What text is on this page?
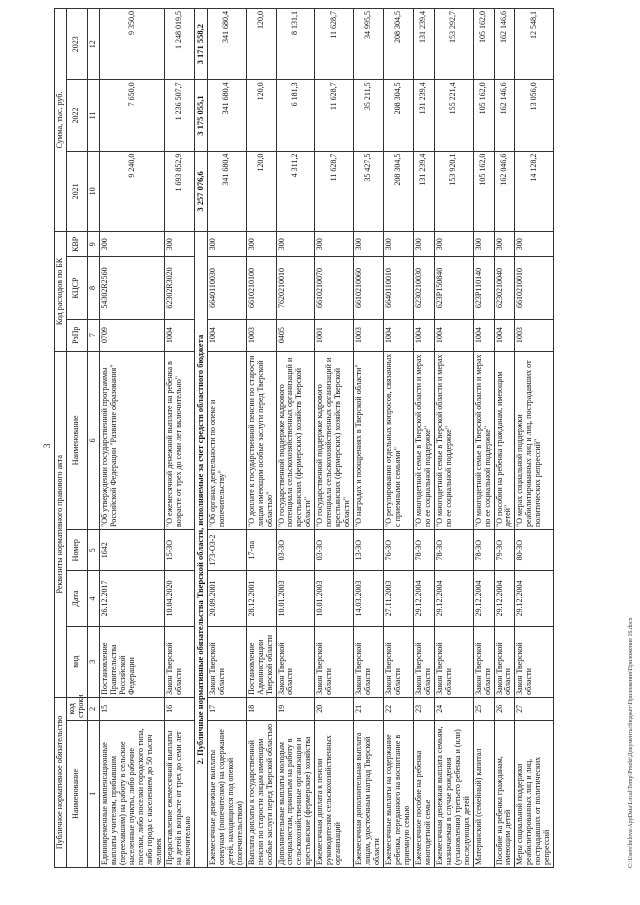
3
Публичное нормативное обязательство		Реквизиты нормативного правового акта				Код расходов по БК			Сумма, тыс. руб.		
Наименование	код строки	вид	Дата	Номер	Наименование	РзПр	КЦСР	КВР	2021	2022	2023
1	2	3	4	5	6	7	8	9	10	11	12
Единовременные компенсационные выплаты учителям, прибывшим (переехавшим) на работу в сельские населенные пункты, либо рабочие поселки, либо поселки городского типа, либо города с населением до 50 тысяч человек	15	Постановление Правительства Российской Федерации	26.12.2017	1642	"Об утверждении государственной программы Российской Федерации "Развитие образования"	0709	54302R2560	300	9 240,0	7 650,0	9 350,0
Предоставление ежемесячной выплаты на детей в возрасте от трех до семи лет включительно	16	Закон Тверской области	10.04.2020	15-ЗО	"О ежемесячной денежной выплате на ребенка в возрасте от трех до семи лет включительно"	1004	62302R3020	300	1 693 852,9	1 236 507,7	1 248 019,5
2. Публичные нормативные обязательства Тверской области, исполняемые за счет средств областного бюджета									3 257 076,6	3 175 055,1	3 171 558,2
Ежемесячные денежные выплаты опекунам (попечителям) на содержание детей, находящихся под опекой (попечительством)	17	Закон Тверской области	20.09.2001	173-ОЗ-2	"Об органах деятельности по опеке и попечительству"	1004	6640110030	300	341 680,4	341 680,4	341 680,4
Выплата доплаты к государственной пенсии по старости лицам имеющим особые заслуги перед Тверской областью	18	Постановление Администрации Тверской области	28.12.2001	17-па	"О доплате к государственной пенсии по старости лицам имеющим особые заслуги перед Тверской областью"	1003	6610210100	300	120,0	120,0	120,0
Дополнительные выплаты молодым специалистам, принятым на работу в сельскохозяйственные организации и крестьянские (фермерские) хозяйства	19	Закон Тверской области	10.01.2003	03-ЗО	"О государственной поддержке кадрового потенциала сельскохозяйственных организаций и крестьянских (фермерских) хозяйств Тверской области"	0405	7620210010	300	4 311,2	6 181,3	8 131,1
Ежемесячная доплата к пенсии руководителям сельскохозяйственных организаций	20	Закон Тверской области	10.01.2003	03-ЗО	"О государственной поддержке кадрового потенциала сельскохозяйственных организаций и крестьянских (фермерских) хозяйств Тверской области"	1001	6610210070	300	11 628,7	11 628,7	11 628,7
Ежемесячная дополнительная выплата лицам, удостоенным наград Тверской области	21	Закон Тверской области	14.03.2003	13-ЗО	"О наградах и поощрениях в Тверской области"	1003	6610210060	300	35 427,5	35 211,5	34 995,5
Ежемесячные выплаты на содержание ребенка, переданного на воспитание в приемную семью	22	Закон Тверской области	27.11.2003	76-ЗО	"О регулировании отдельных вопросов, связанных с приемными семьями"	1004	6640110010	300	208 304,5	208 304,5	208 304,5
Ежемесячное пособие на ребенка многодетной семье	23	Закон Тверской области	29.12.2004	78-ЗО	"О многодетной семье в Тверской области и мерах по ее социальной поддержке"	1004	6230210030	300	131 239,4	131 239,4	131 239,4
Ежемесячная денежная выплата семьям, назначаемая в случае рождения (усыновления) третьего ребенка и (или) последующих детей	24	Закон Тверской области	29.12.2004	78-ЗО	"О многодетной семье в Тверской области и мерах по ее социальной поддержке"	1004	623P150840	300	153 920,1	155 221,4	153 292,7
Материнский (семейный) капитал	25	Закон Тверской области	29.12.2004	78-ЗО	"О многодетной семье в Тверской области и мерах по ее социальной поддержке"	1004	623P110140	300	105 162,0	105 162,0	105 162,0
Пособие на ребенка гражданам, имеющим детей	26	Закон Тверской области	29.12.2004	79-ЗО	"О пособии на ребенка гражданам, имеющим детей"	1004	6230210040	300	162 046,6	162 146,6	162 146,6
Меры социальной поддержки реабилитированных лиц и лиц, пострадавших от политических репрессий	27	Закон Тверской области	29.12.2004	80-ЗО	"О мерах социальной поддержки реабилитированных лиц и лиц, пострадавших от политических репрессий"	1003	6610210010	300	14 128,2	13 056,0	12 548,1
C:\Users\belova\AppData\Local\Temp\Proekt\Документы\бюджет\Приложения\Приложение 16.docx
